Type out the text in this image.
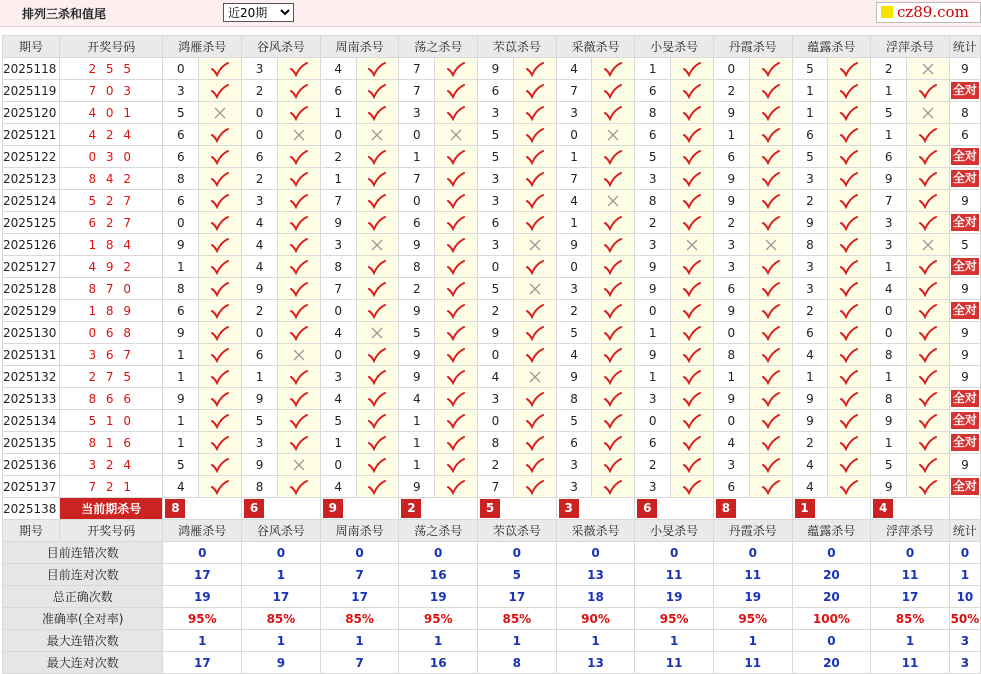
排列三杀和值尾
近20期	cz89.com
期号	开奖号码	鸿雁杀号		谷风杀号		周南杀号		荡之杀号		芣苡杀号		采薇杀号		小旻杀号		丹霞杀号		蕴露杀号		浮萍杀号		统计
2025118	2 5 5	0		3		4		7		9		4		1		0		5		2		9
2025119	7 0 3	3		2		6		7		6		7		6		2		1		1		全对
2025120	4 0 1	5		0		1		3		3		3		8		9		1		5		8
2025121	4 2 4	6		0		0		0		5		0		6		1		6		1		6
2025122	0 3 0	6		6		2		1		5		1		5		6		5		6		全对
2025123	8 4 2	8		2		1		7		3		7		3		9		3		9		全对
2025124	5 2 7	6		3		7		0		3		4		8		9		2		7		9
2025125	6 2 7	0		4		9		6		6		1		2		2		9		3		全对
2025126	1 8 4	9		4		3		9		3		9		3		3		8		3		5
2025127	4 9 2	1		4		8		8		0		0		9		3		3		1		全对
2025128	8 7 0	8		9		7		2		5		3		9		6		3		4		9
2025129	1 8 9	6		2		0		9		2		2		0		9		2		0		全对
2025130	0 6 8	9		0		4		5		9		5		1		0		6		0		9
2025131	3 6 7	1		6		0		9		0		4		9		8		4		8		9
2025132	2 7 5	1		1		3		9		4		9		1		1		1		1		9
2025133	8 6 6	9		9		4		4		3		8		3		9		9		8		全对
2025134	5 1 0	1		5		5		1		0		5		0		0		9		9		全对
2025135	8 1 6	1		3		1		1		8		6		6		4		2		1		全对
2025136	3 2 4	5		9		0		1		2		3		2		3		4		5		9
2025137	7 2 1	4		8		4		9		7		3		3		6		4		9		全对
2025138	当前期杀号	8		6		9		2		5		3		6		8		1		4		
期号	开奖号码	鸿雁杀号		谷风杀号		周南杀号		荡之杀号		芣苡杀号		采薇杀号		小旻杀号		丹霞杀号		蕴露杀号		浮萍杀号		统计
目前连错次数		0		0		0		0		0		0		0		0		0		0		0
目前连对次数		17		1		7		16		5		13		11		11		20		11		1
总正确次数		19		17		17		19		17		18		19		19		20		17		10
准确率(全对率)		95%		85%		85%		95%		85%		90%		95%		95%		100%		85%		50%
最大连错次数		1		1		1		1		1		1		1		1		0		1		3
最大连对次数		17		9		7		16		8		13		11		11		20		11		3
